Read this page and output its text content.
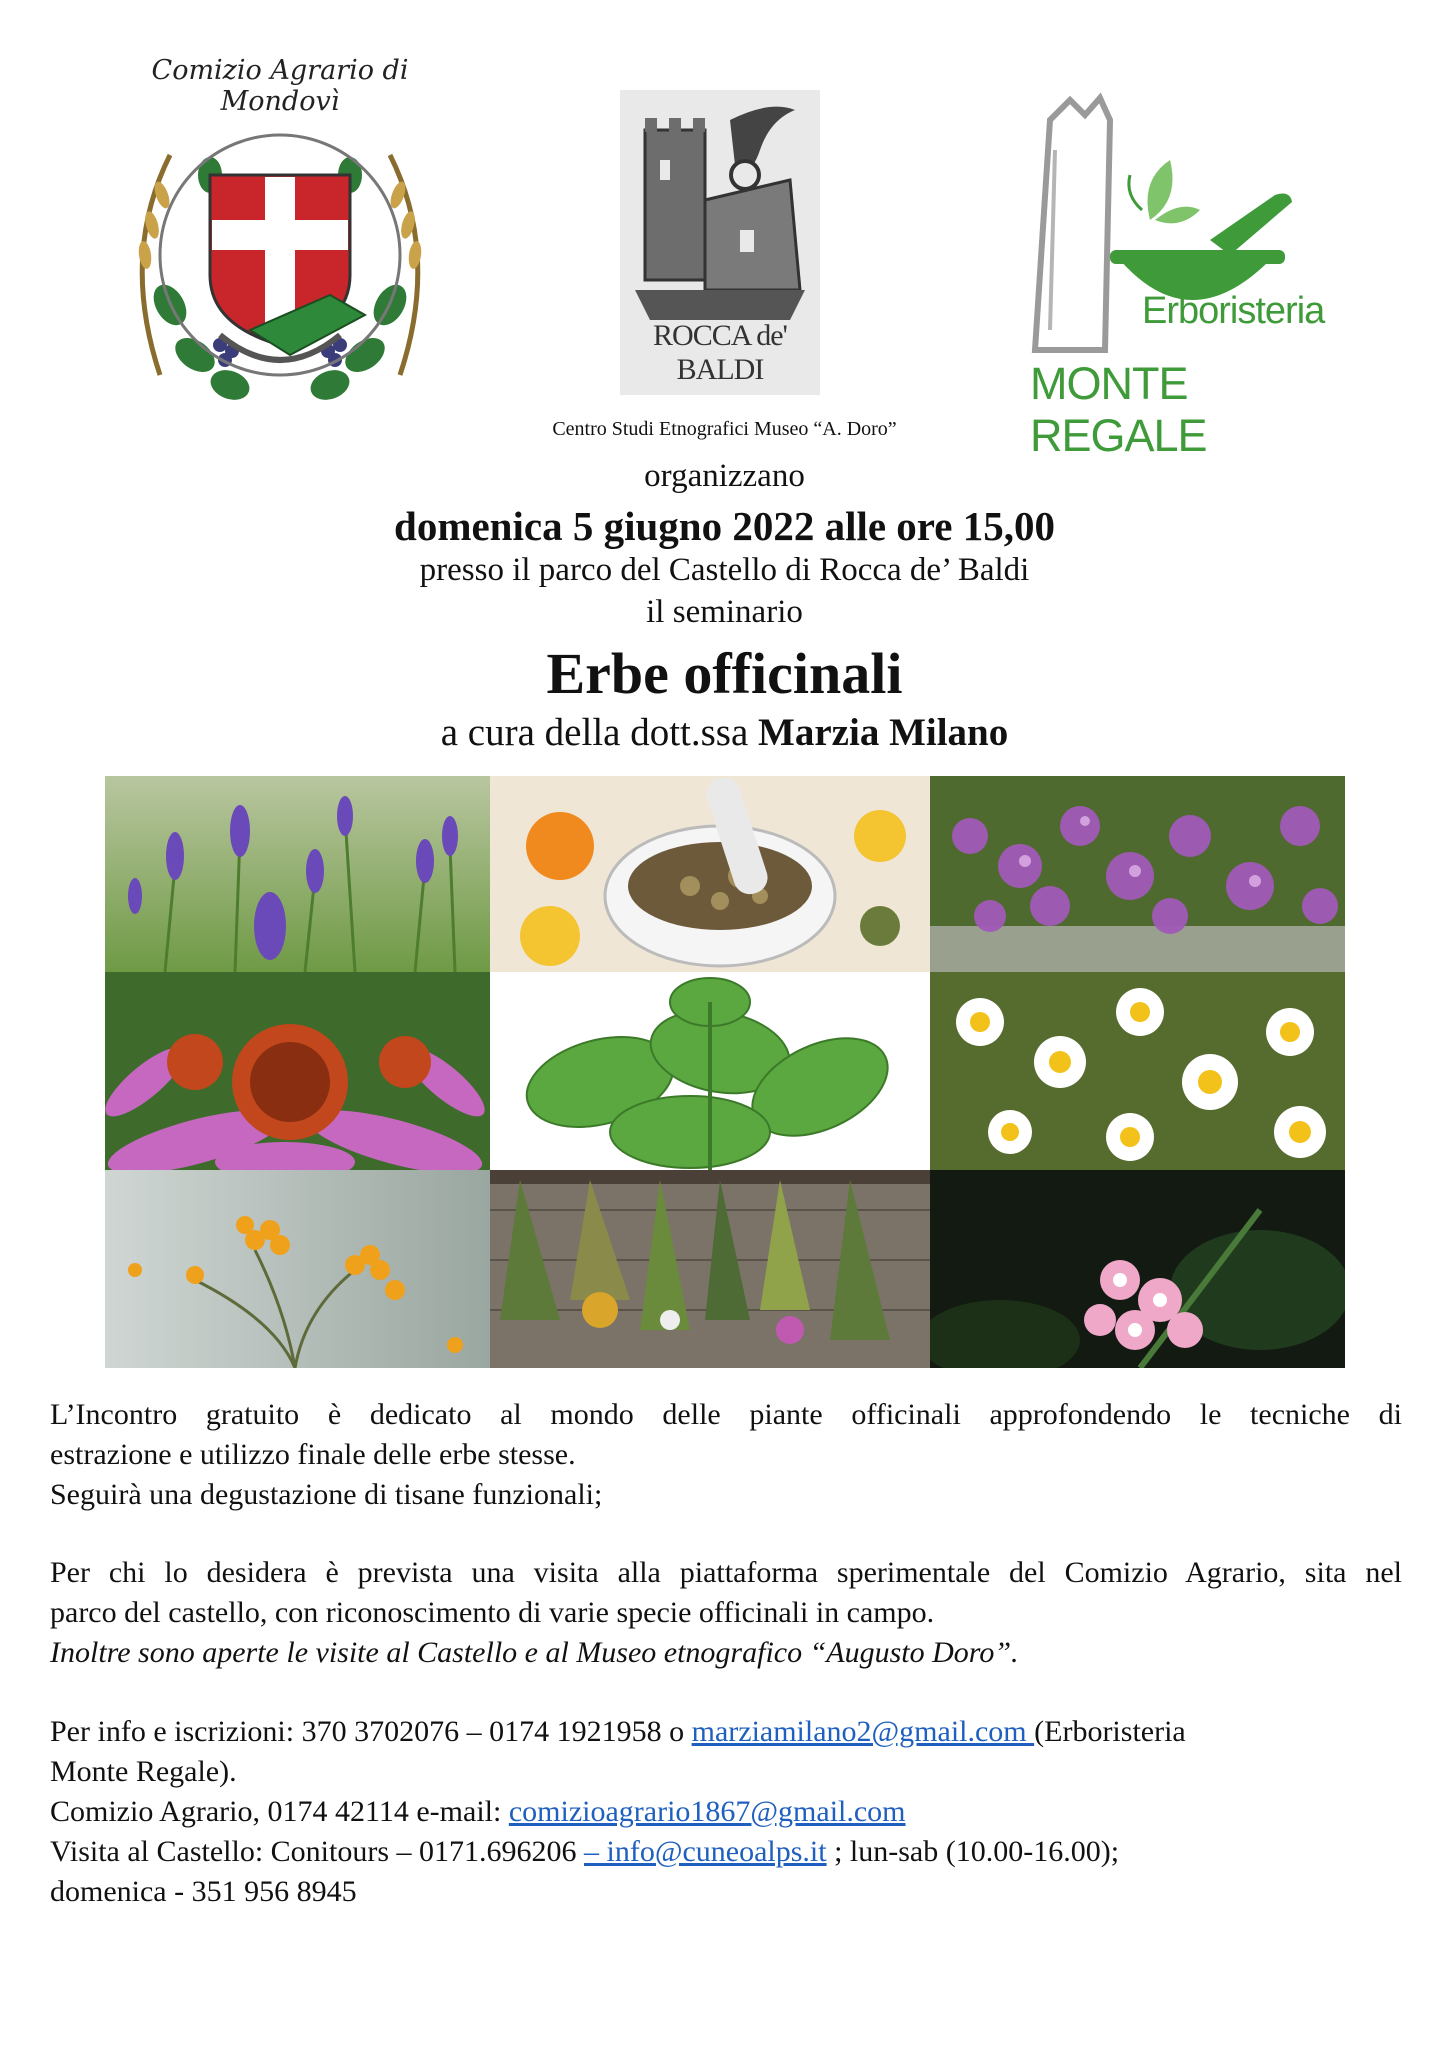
Comizio Agrario di Mondovì
ROCCA de' BALDI
Erboristeria
MONTE REGALE
Centro Studi Etnografici Museo “A. Doro”
organizzano
domenica 5 giugno 2022 alle ore 15,00
presso il parco del Castello di Rocca de’ Baldi
il seminario
Erbe officinali
a cura della dott.ssa Marzia Milano
L’Incontro gratuito è dedicato al mondo delle piante officinali approfondendo le tecniche di
estrazione e utilizzo finale delle erbe stesse.
Seguirà una degustazione di tisane funzionali;
Per chi lo desidera è prevista una visita alla piattaforma sperimentale del Comizio Agrario, sita nel
parco del castello, con riconoscimento di varie specie officinali in campo.
Inoltre sono aperte le visite al Castello e al Museo etnografico “Augusto Doro”.
Per info e iscrizioni: 370 3702076 – 0174 1921958 o marziamilano2@gmail.com (Erboristeria
Monte Regale).
Comizio Agrario, 0174 42114 e-mail: comizioagrario1867@gmail.com
Visita al Castello: Conitours – 0171.696206 – info@cuneoalps.it ; lun-sab (10.00-16.00);
domenica - 351 956 8945
